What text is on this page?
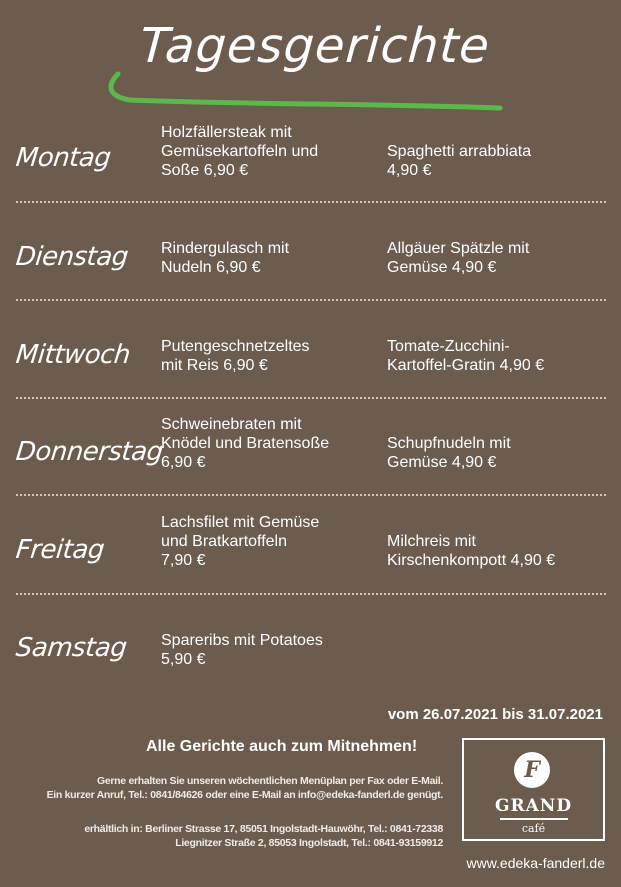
Tagesgerichte
Montag
Holzfällersteak mit
Gemüsekartoffeln und
Soße 6,90 €
Spaghetti arrabbiata
4,90 €
Dienstag Rindergulasch mit
Nudeln 6,90 €
Allgäuer Spätzle mit
Gemüse 4,90 €
Mittwoch Putengeschnetzeltes
mit Reis 6,90 €
Tomate-Zucchini-
Kartoffel-Gratin 4,90 €
Donnerstag
Schweinebraten mit
Knödel und Bratensoße
6,90 €
Schupfnudeln mit
Gemüse 4,90 €
Freitag
Lachsfilet mit Gemüse
und Bratkartoffeln
7,90 €
Milchreis mit
Kirschenkompott 4,90 €
Samstag Spareribs mit Potatoes
5,90 €
vom 26.07.2021 bis 31.07.2021
Alle Gerichte auch zum Mitnehmen!
Gerne erhalten Sie unseren wöchentlichen Menüplan per Fax oder E-Mail.
Ein kurzer Anruf, Tel.: 0841/84626 oder eine E-Mail an info@edeka-fanderl.de genügt.
erhältlich in: Berliner Strasse 17, 85051 Ingolstadt-Hauwöhr, Tel.: 0841-72338
Liegnitzer Straße 2, 85053 Ingolstadt, Tel.: 0841-93159912
F
GRAND
café
www.edeka-fanderl.de
